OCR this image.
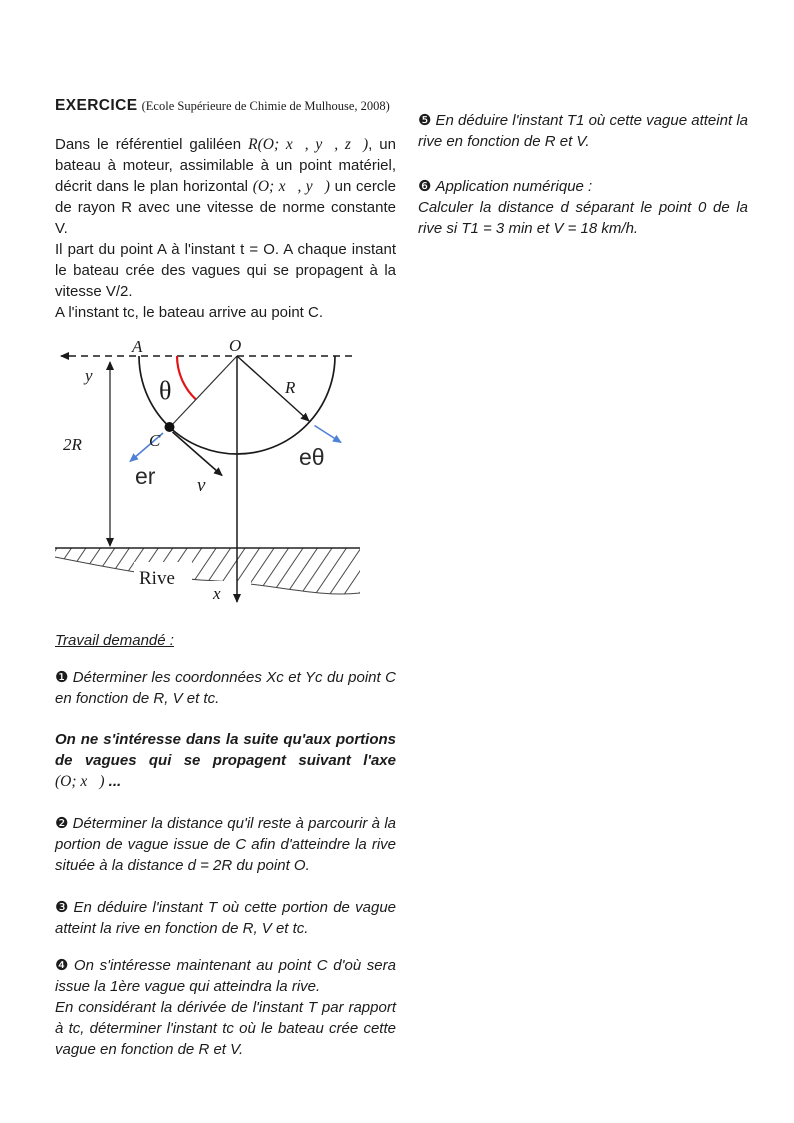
EXERCICE (Ecole Supérieure de Chimie de Mulhouse, 2008)

Dans le référentiel galiléen R(O; x⃗, y⃗, z⃗), un bateau à moteur, assimilable à un point matériel, décrit dans le plan horizontal (O; x⃗, y⃗) un cercle de rayon R avec une vitesse de norme constante V.

Il part du point A à l'instant t = O. A chaque instant le bateau crée des vagues qui se propagent à la vitesse V/2.

A l'instant tc, le bateau arrive au point C.

y
A	O
θ	R
C
er v⃗
eθ
2R
Rive
x⃗

Travail demandé :

❶ Déterminer les coordonnées Xc et Yc du point C en fonction de R, V et tc.

On ne s'intéresse dans la suite qu'aux portions de vagues qui se propagent suivant l'axe (O; x⃗) ...

❷ Déterminer la distance qu'il reste à parcourir à la portion de vague issue de C afin d'atteindre la rive située à la distance d = 2R du point O.

❸ En déduire l'instant T où cette portion de vague atteint la rive en fonction de R, V et tc.

❹ On s'intéresse maintenant au point C d'où sera issue la 1ère vague qui atteindra la rive.

En considérant la dérivée de l'instant T par rapport à tc, déterminer l'instant tc où le bateau crée cette vague en fonction de R et V.

❺ En déduire l'instant T1 où cette vague atteint la rive en fonction de R et V.

❻ Application numérique :

Calculer la distance d séparant le point 0 de la rive si T1 = 3 min et V = 18 km/h.
